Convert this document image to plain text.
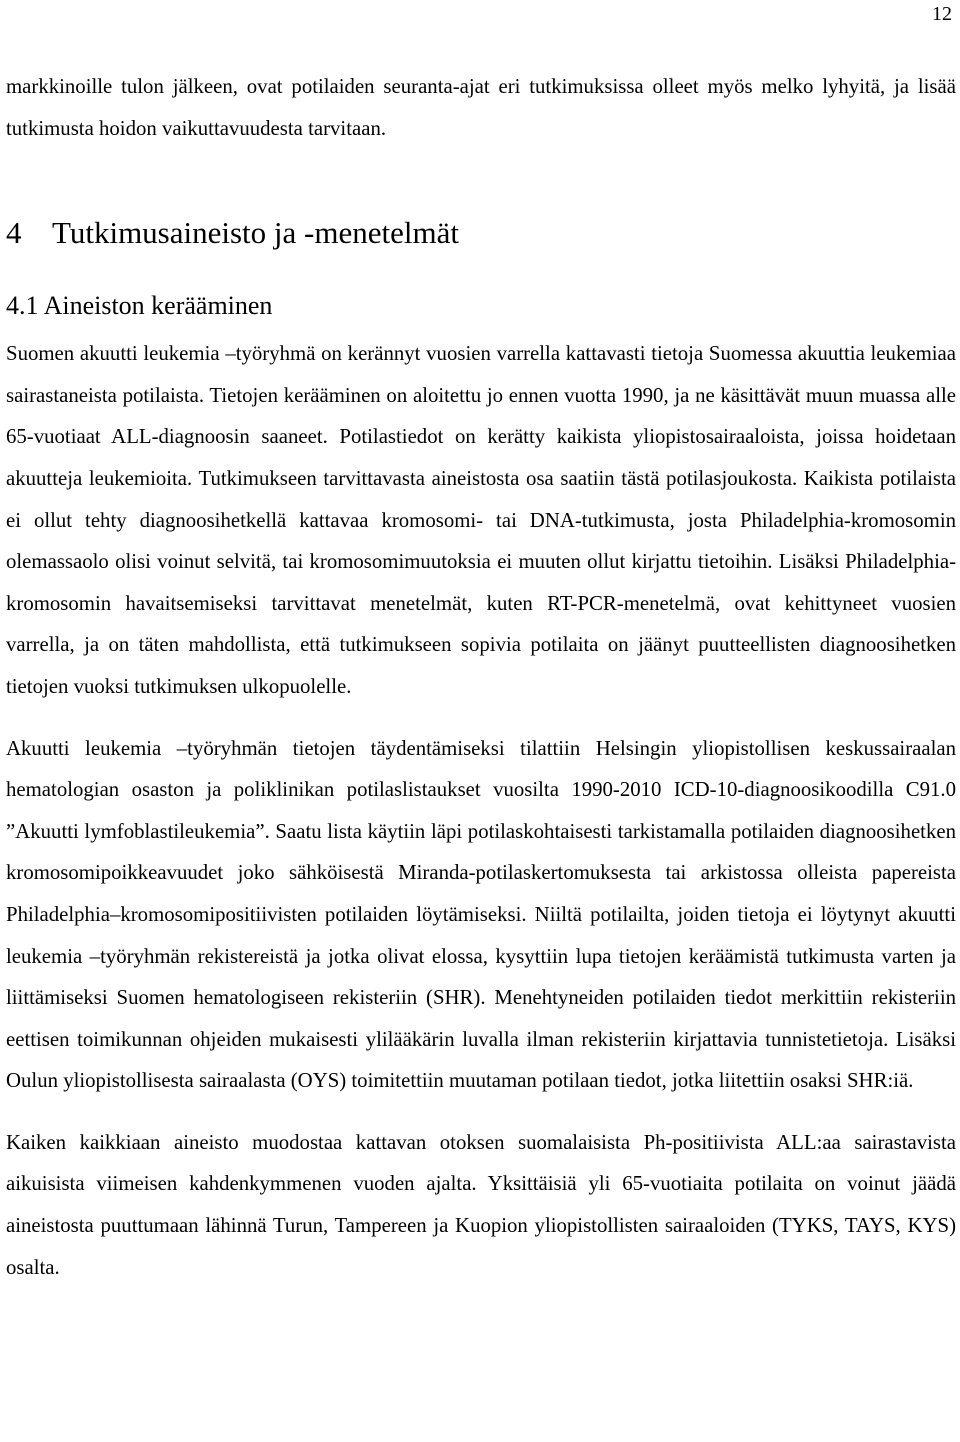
12

markkinoille tulon jälkeen, ovat potilaiden seuranta-ajat eri tutkimuksissa olleet myös melko lyhyitä, ja lisää tutkimusta hoidon vaikuttavuudesta tarvitaan.

4 Tutkimusaineisto ja -menetelmät
4.1 Aineiston kerääminen

Suomen akuutti leukemia –työryhmä on kerännyt vuosien varrella kattavasti tietoja Suomessa akuuttia leukemiaa sairastaneista potilaista. Tietojen kerääminen on aloitettu jo ennen vuotta 1990, ja ne käsittävät muun muassa alle 65-vuotiaat ALL-diagnoosin saaneet. Potilastiedot on kerätty kaikista yliopistosairaaloista, joissa hoidetaan akuutteja leukemioita. Tutkimukseen tarvittavasta aineistosta osa saatiin tästä potilasjoukosta. Kaikista potilaista ei ollut tehty diagnoosihetkellä kattavaa kromosomi- tai DNA-tutkimusta, josta Philadelphia-kromosomin olemassaolo olisi voinut selvitä, tai kromosomimuutoksia ei muuten ollut kirjattu tietoihin. Lisäksi Philadelphia-kromosomin havaitsemiseksi tarvittavat menetelmät, kuten RT-PCR-menetelmä, ovat kehittyneet vuosien varrella, ja on täten mahdollista, että tutkimukseen sopivia potilaita on jäänyt puutteellisten diagnoosihetken tietojen vuoksi tutkimuksen ulkopuolelle.

Akuutti leukemia –työryhmän tietojen täydentämiseksi tilattiin Helsingin yliopistollisen keskussairaalan hematologian osaston ja poliklinikan potilaslistaukset vuosilta 1990-2010 ICD-10-diagnoosikoodilla C91.0 ”Akuutti lymfoblastileukemia”. Saatu lista käytiin läpi potilaskohtaisesti tarkistamalla potilaiden diagnoosihetken kromosomipoikkeavuudet joko sähköisestä Miranda-potilaskertomuksesta tai arkistossa olleista papereista Philadelphia–kromosomipositiivisten potilaiden löytämiseksi. Niiltä potilailta, joiden tietoja ei löytynyt akuutti leukemia –työryhmän rekistereistä ja jotka olivat elossa, kysyttiin lupa tietojen keräämistä tutkimusta varten ja liittämiseksi Suomen hematologiseen rekisteriin (SHR). Menehtyneiden potilaiden tiedot merkittiin rekisteriin eettisen toimikunnan ohjeiden mukaisesti ylilääkärin luvalla ilman rekisteriin kirjattavia tunnistetietoja. Lisäksi Oulun yliopistollisesta sairaalasta (OYS) toimitettiin muutaman potilaan tiedot, jotka liitettiin osaksi SHR:iä.

Kaiken kaikkiaan aineisto muodostaa kattavan otoksen suomalaisista Ph-positiivista ALL:aa sairastavista aikuisista viimeisen kahdenkymmenen vuoden ajalta. Yksittäisiä yli 65-vuotiaita potilaita on voinut jäädä aineistosta puuttumaan lähinnä Turun, Tampereen ja Kuopion yliopistollisten sairaaloiden (TYKS, TAYS, KYS) osalta.
